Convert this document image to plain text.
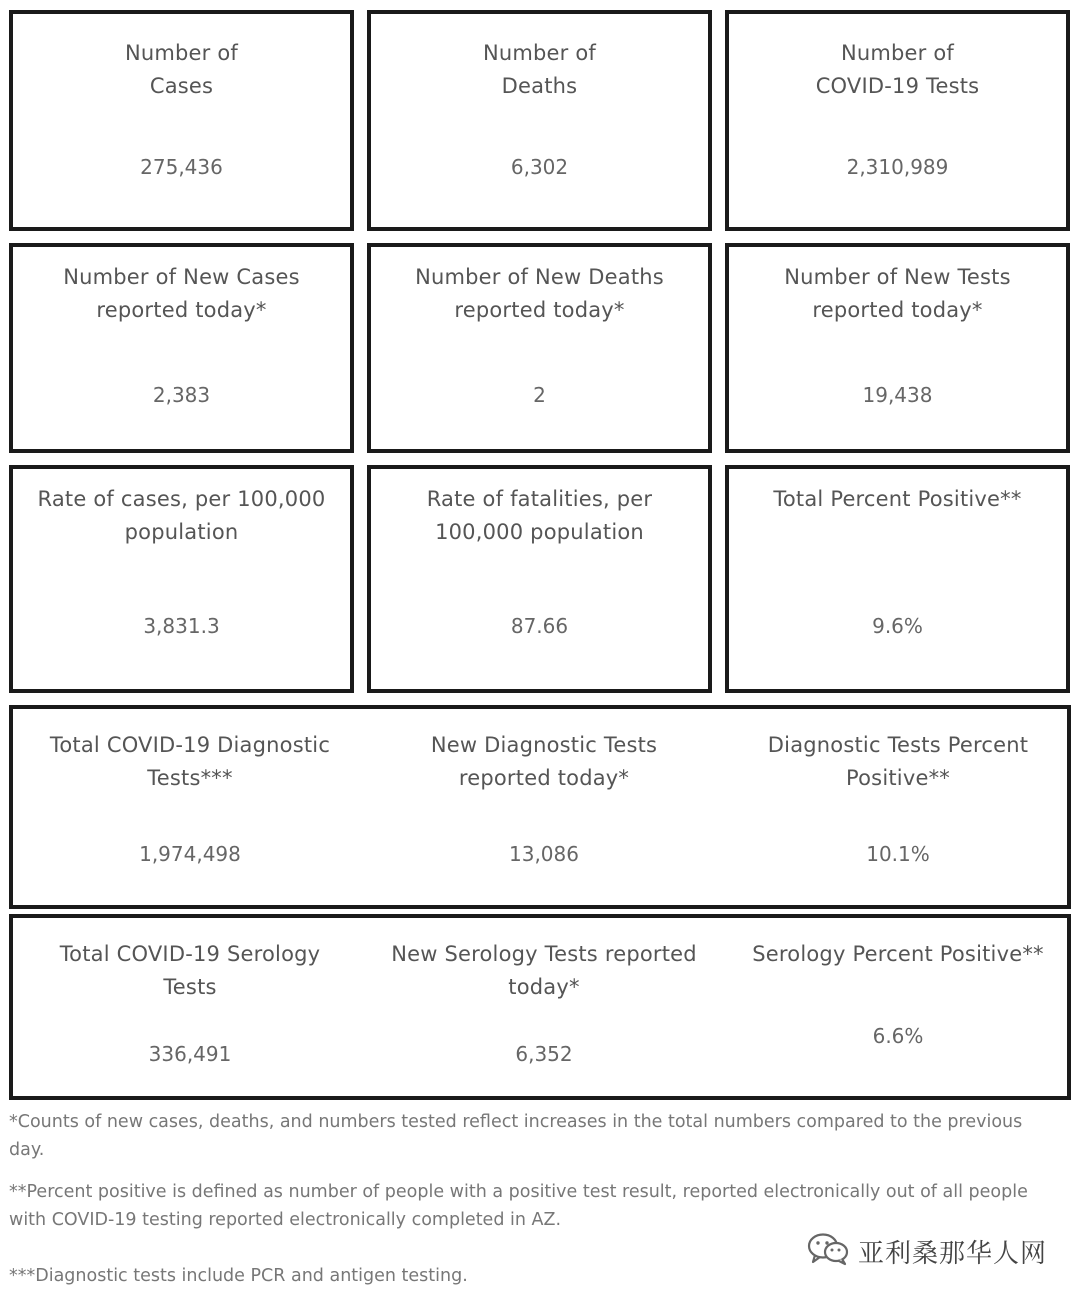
Number of
Cases
275,436
Number of
Deaths
6,302
Number of
COVID-19 Tests
2,310,989
Number of New Cases
reported today*
2,383
Number of New Deaths
reported today*
2
Number of New Tests
reported today*
19,438
Rate of cases, per 100,000
population
3,831.3
Rate of fatalities, per
100,000 population
87.66
Total Percent Positive**
9.6%
Total COVID-19 Diagnostic
Tests***
1,974,498
New Diagnostic Tests
reported today*
13,086
Diagnostic Tests Percent
Positive**
10.1%
Total COVID-19 Serology
Tests
336,491
New Serology Tests reported
today*
6,352
Serology Percent Positive**
6.6%
*Counts of new cases, deaths, and numbers tested reflect increases in the total numbers compared to the previous day.
**Percent positive is defined as number of people with a positive test result, reported electronically out of all people with COVID-19 testing reported electronically completed in AZ.
***Diagnostic tests include PCR and antigen testing.
亚利桑那华人网
